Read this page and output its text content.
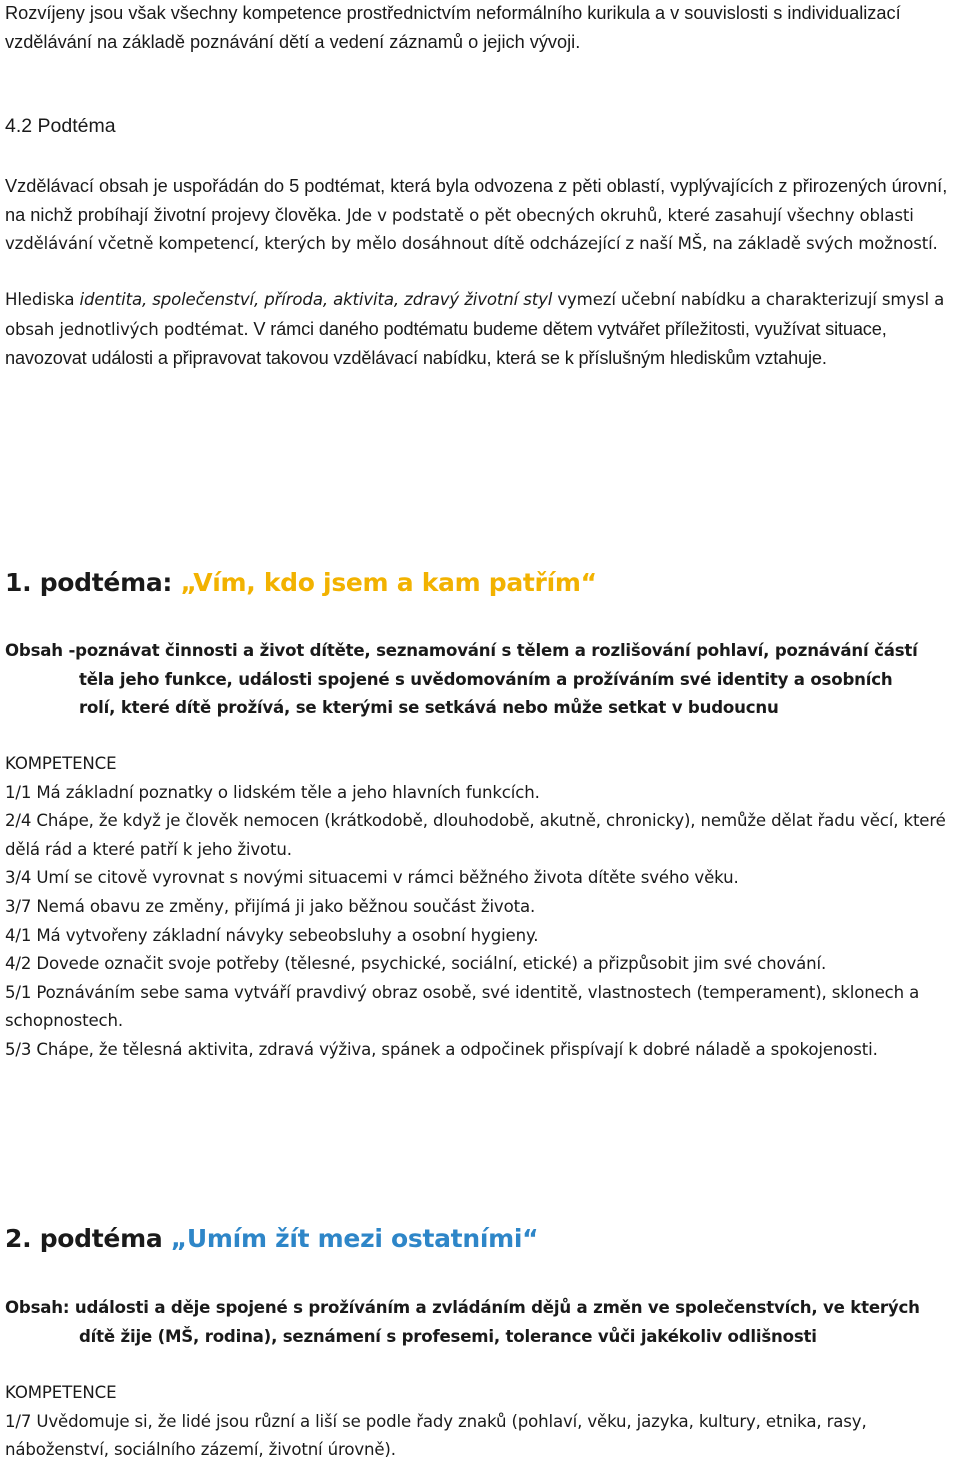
Rozvíjeny jsou však všechny kompetence prostřednictvím neformálního kurikula a v souvislosti s individualizací vzdělávání na základě poznávání dětí a vedení záznamů o jejich vývoji.

4.2 Podtéma

Vzdělávací obsah je uspořádán do 5 podtémat, která byla odvozena z pěti oblastí, vyplývajících z přirozených úrovní, na nichž probíhají životní projevy člověka. Jde v podstatě o pět obecných okruhů, které zasahují všechny oblasti vzdělávání včetně kompetencí, kterých by mělo dosáhnout dítě odcházející z naší MŠ, na základě svých možností.
Hlediska identita, společenství, příroda, aktivita, zdravý životní styl vymezí učební nabídku a charakterizují smysl a obsah jednotlivých podtémat. V rámci daného podtématu budeme dětem vytvářet příležitosti, využívat situace, navozovat události a připravovat takovou vzdělávací nabídku, která se k příslušným hlediskům vztahuje.
1. podtéma: „Vím, kdo jsem a kam patřím“
Obsah -poznávat činnosti a život dítěte, seznamování s tělem a rozlišování pohlaví, poznávání částí
těla jeho funkce, události spojené s uvědomováním a prožíváním své identity a osobních
rolí, které dítě prožívá, se kterými se setkává nebo může setkat v budoucnu
KOMPETENCE
1/1 Má základní poznatky o lidském těle a jeho hlavních funkcích.
2/4 Chápe, že když je člověk nemocen (krátkodobě, dlouhodobě, akutně, chronicky), nemůže dělat řadu věcí, které dělá rád a které patří k jeho životu.
3/4 Umí se citově vyrovnat s novými situacemi v rámci běžného života dítěte svého věku.
3/7 Nemá obavu ze změny, přijímá ji jako běžnou součást života.
4/1 Má vytvořeny základní návyky sebeobsluhy a osobní hygieny.
4/2 Dovede označit svoje potřeby (tělesné, psychické, sociální, etické) a přizpůsobit jim své chování.
5/1 Poznáváním sebe sama vytváří pravdivý obraz osobě, své identitě, vlastnostech (temperament), sklonech a schopnostech.
5/3 Chápe, že tělesná aktivita, zdravá výživa, spánek a odpočinek přispívají k dobré náladě a spokojenosti.
2. podtéma „Umím žít mezi ostatními“
Obsah: události a děje spojené s prožíváním a zvládáním dějů a změn ve společenstvích, ve kterých
dítě žije (MŠ, rodina), seznámení s profesemi, tolerance vůči jakékoliv odlišnosti
KOMPETENCE
1/7 Uvědomuje si, že lidé jsou různí a liší se podle řady znaků (pohlaví, věku, jazyka, kultury, etnika, rasy, náboženství, sociálního zázemí, životní úrovně).
